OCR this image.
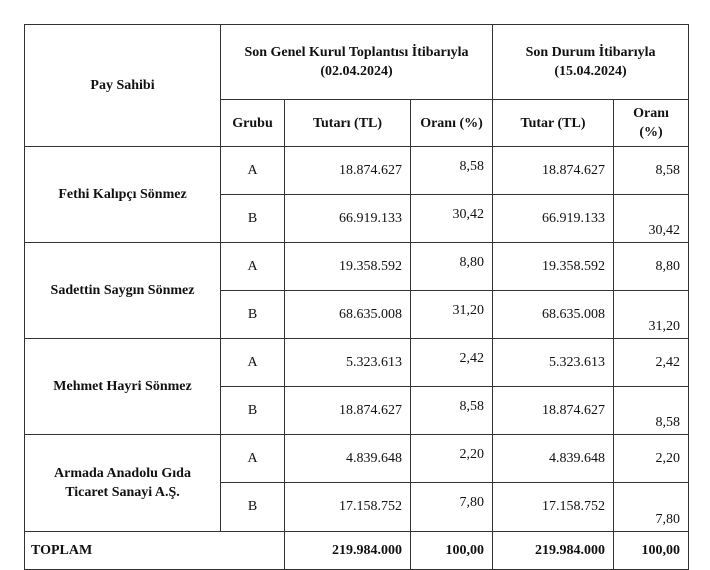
Pay Sahibi	Son Genel Kurul Toplantısı İtibarıyla (02.04.2024)			Son Durum İtibarıyla (15.04.2024)	
	Grubu	Tutarı (TL)	Oranı (%)	Tutar (TL)	Oranı (%)
Fethi Kalıpçı Sönmez	A	18.874.627	8,58	18.874.627	8,58
	B	66.919.133	30,42	66.919.133	30,42
Sadettin Saygın Sönmez	A	19.358.592	8,80	19.358.592	8,80
	B	68.635.008	31,20	68.635.008	31,20
Mehmet Hayri Sönmez	A	5.323.613	2,42	5.323.613	2,42
	B	18.874.627	8,58	18.874.627	8,58
Armada Anadolu Gıda Ticaret Sanayi A.Ş.	A	4.839.648	2,20	4.839.648	2,20
	B	17.158.752	7,80	17.158.752	7,80
TOPLAM		219.984.000	100,00	219.984.000	100,00
